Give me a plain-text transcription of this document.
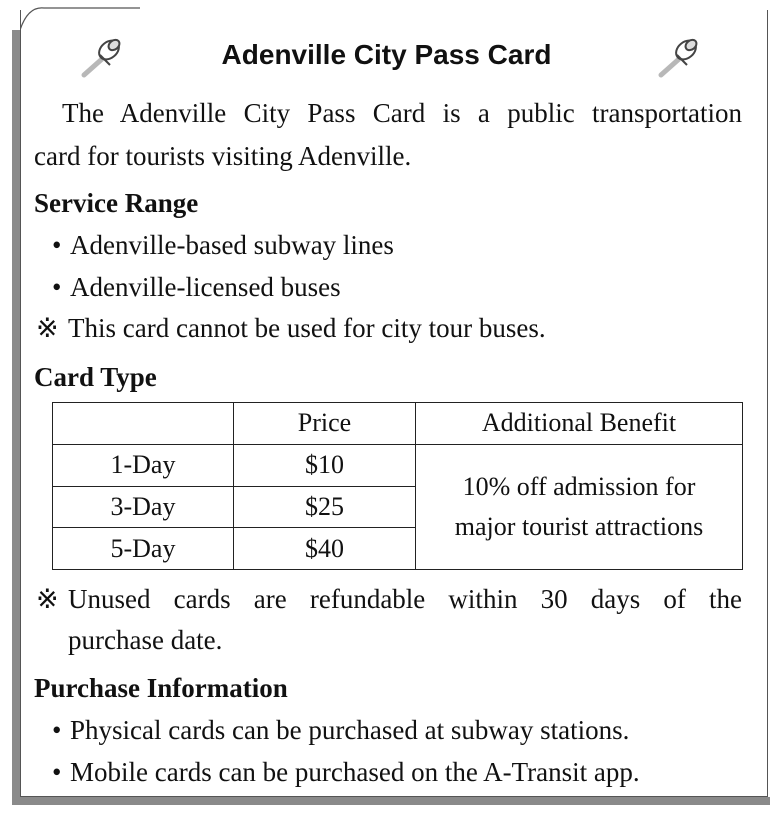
Adenville City Pass Card
The Adenville City Pass Card is a public transportation
card for tourists visiting Adenville.
Service Range
• Adenville-based subway lines
• Adenville-licensed buses
※ This card cannot be used for city tour buses.
Card Type
	Price	Additional Benefit
1-Day	$10	10% off admission for
major tourist attractions

3-Day	$25	
5-Day	$40	
※ Unused cards are refundable within 30 days of the
purchase date.
Purchase Information
• Physical cards can be purchased at subway stations.
• Mobile cards can be purchased on the A-Transit app.
